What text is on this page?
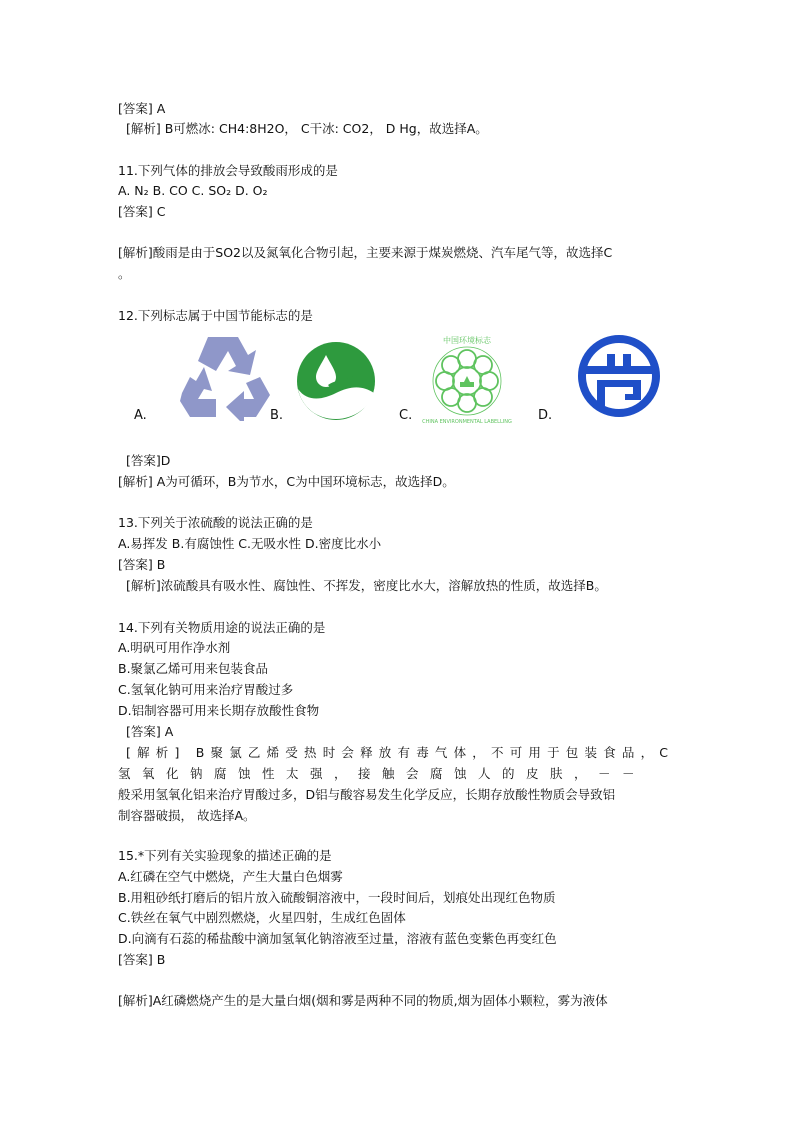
[答案] A

[解析] B可燃冰: CH4:8H2O， C干冰: CO2， D Hg，故选择A。

11.下列气体的排放会导致酸雨形成的是

A. N₂ B. CO C. SO₂ D. O₂

[答案] C

[解析]酸雨是由于SO2以及氮氧化合物引起，主要来源于煤炭燃烧、汽车尾气等，故选择C

。

12.下列标志属于中国节能标志的是

A.	B.	C.	D.
中国环境标志
CHINA ENVIRONMENTAL LABELLING

[答案]D

[解析] A为可循环，B为节水，C为中国环境标志，故选择D。

13.下列关于浓硫酸的说法正确的是

A.易挥发 B.有腐蚀性 C.无吸水性 D.密度比水小

[答案] B

[解析]浓硫酸具有吸水性、腐蚀性、不挥发，密度比水大，溶解放热的性质，故选择B。

14.下列有关物质用途的说法正确的是

A.明矾可用作净水剂

B.聚氯乙烯可用来包装食品

C.氢氧化钠可用来治疗胃酸过多

D.铝制容器可用来长期存放酸性食物

[答案] A

[解析] B聚氯乙烯受热时会释放有毒气体，不可用于包装食品，C

氢氧化钠腐蚀性太强，接触会腐蚀人的皮肤，－－

般采用氢氧化铝来治疗胃酸过多，D铝与酸容易发生化学反应，长期存放酸性物质会导致铝

制容器破损， 故选择A。

15.*下列有关实验现象的描述正确的是

A.红磷在空气中燃烧，产生大量白色烟雾

B.用粗砂纸打磨后的铝片放入硫酸铜溶液中，一段时间后，划痕处出现红色物质

C.铁丝在氧气中剧烈燃烧，火星四射，生成红色固体

D.向滴有石蕊的稀盐酸中滴加氢氧化钠溶液至过量，溶液有蓝色变紫色再变红色

[答案] B

[解析]A红磷燃烧产生的是大量白烟(烟和雾是两种不同的物质,烟为固体小颗粒，雾为液体
